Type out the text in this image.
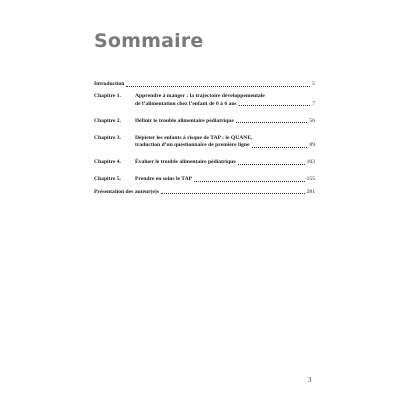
Sommaire
Introduction	5
Chapitre 1.	Apprendre à manger : la trajectoire développementale
de l’alimentation chez l’enfant de 0 à 6 ans	7
Chapitre 2.	Définir le trouble alimentaire pédiatrique	56
Chapitre 3.	Dépister les enfants à risque de TAP : le QUANE,
traduction d’un questionnaire de première ligne	89
Chapitre 4.	Évaluer le trouble alimentaire pédiatrique	103
Chapitre 5.	Prendre en soins le TAP	155
Présentation des auteur(e)s	281
3
